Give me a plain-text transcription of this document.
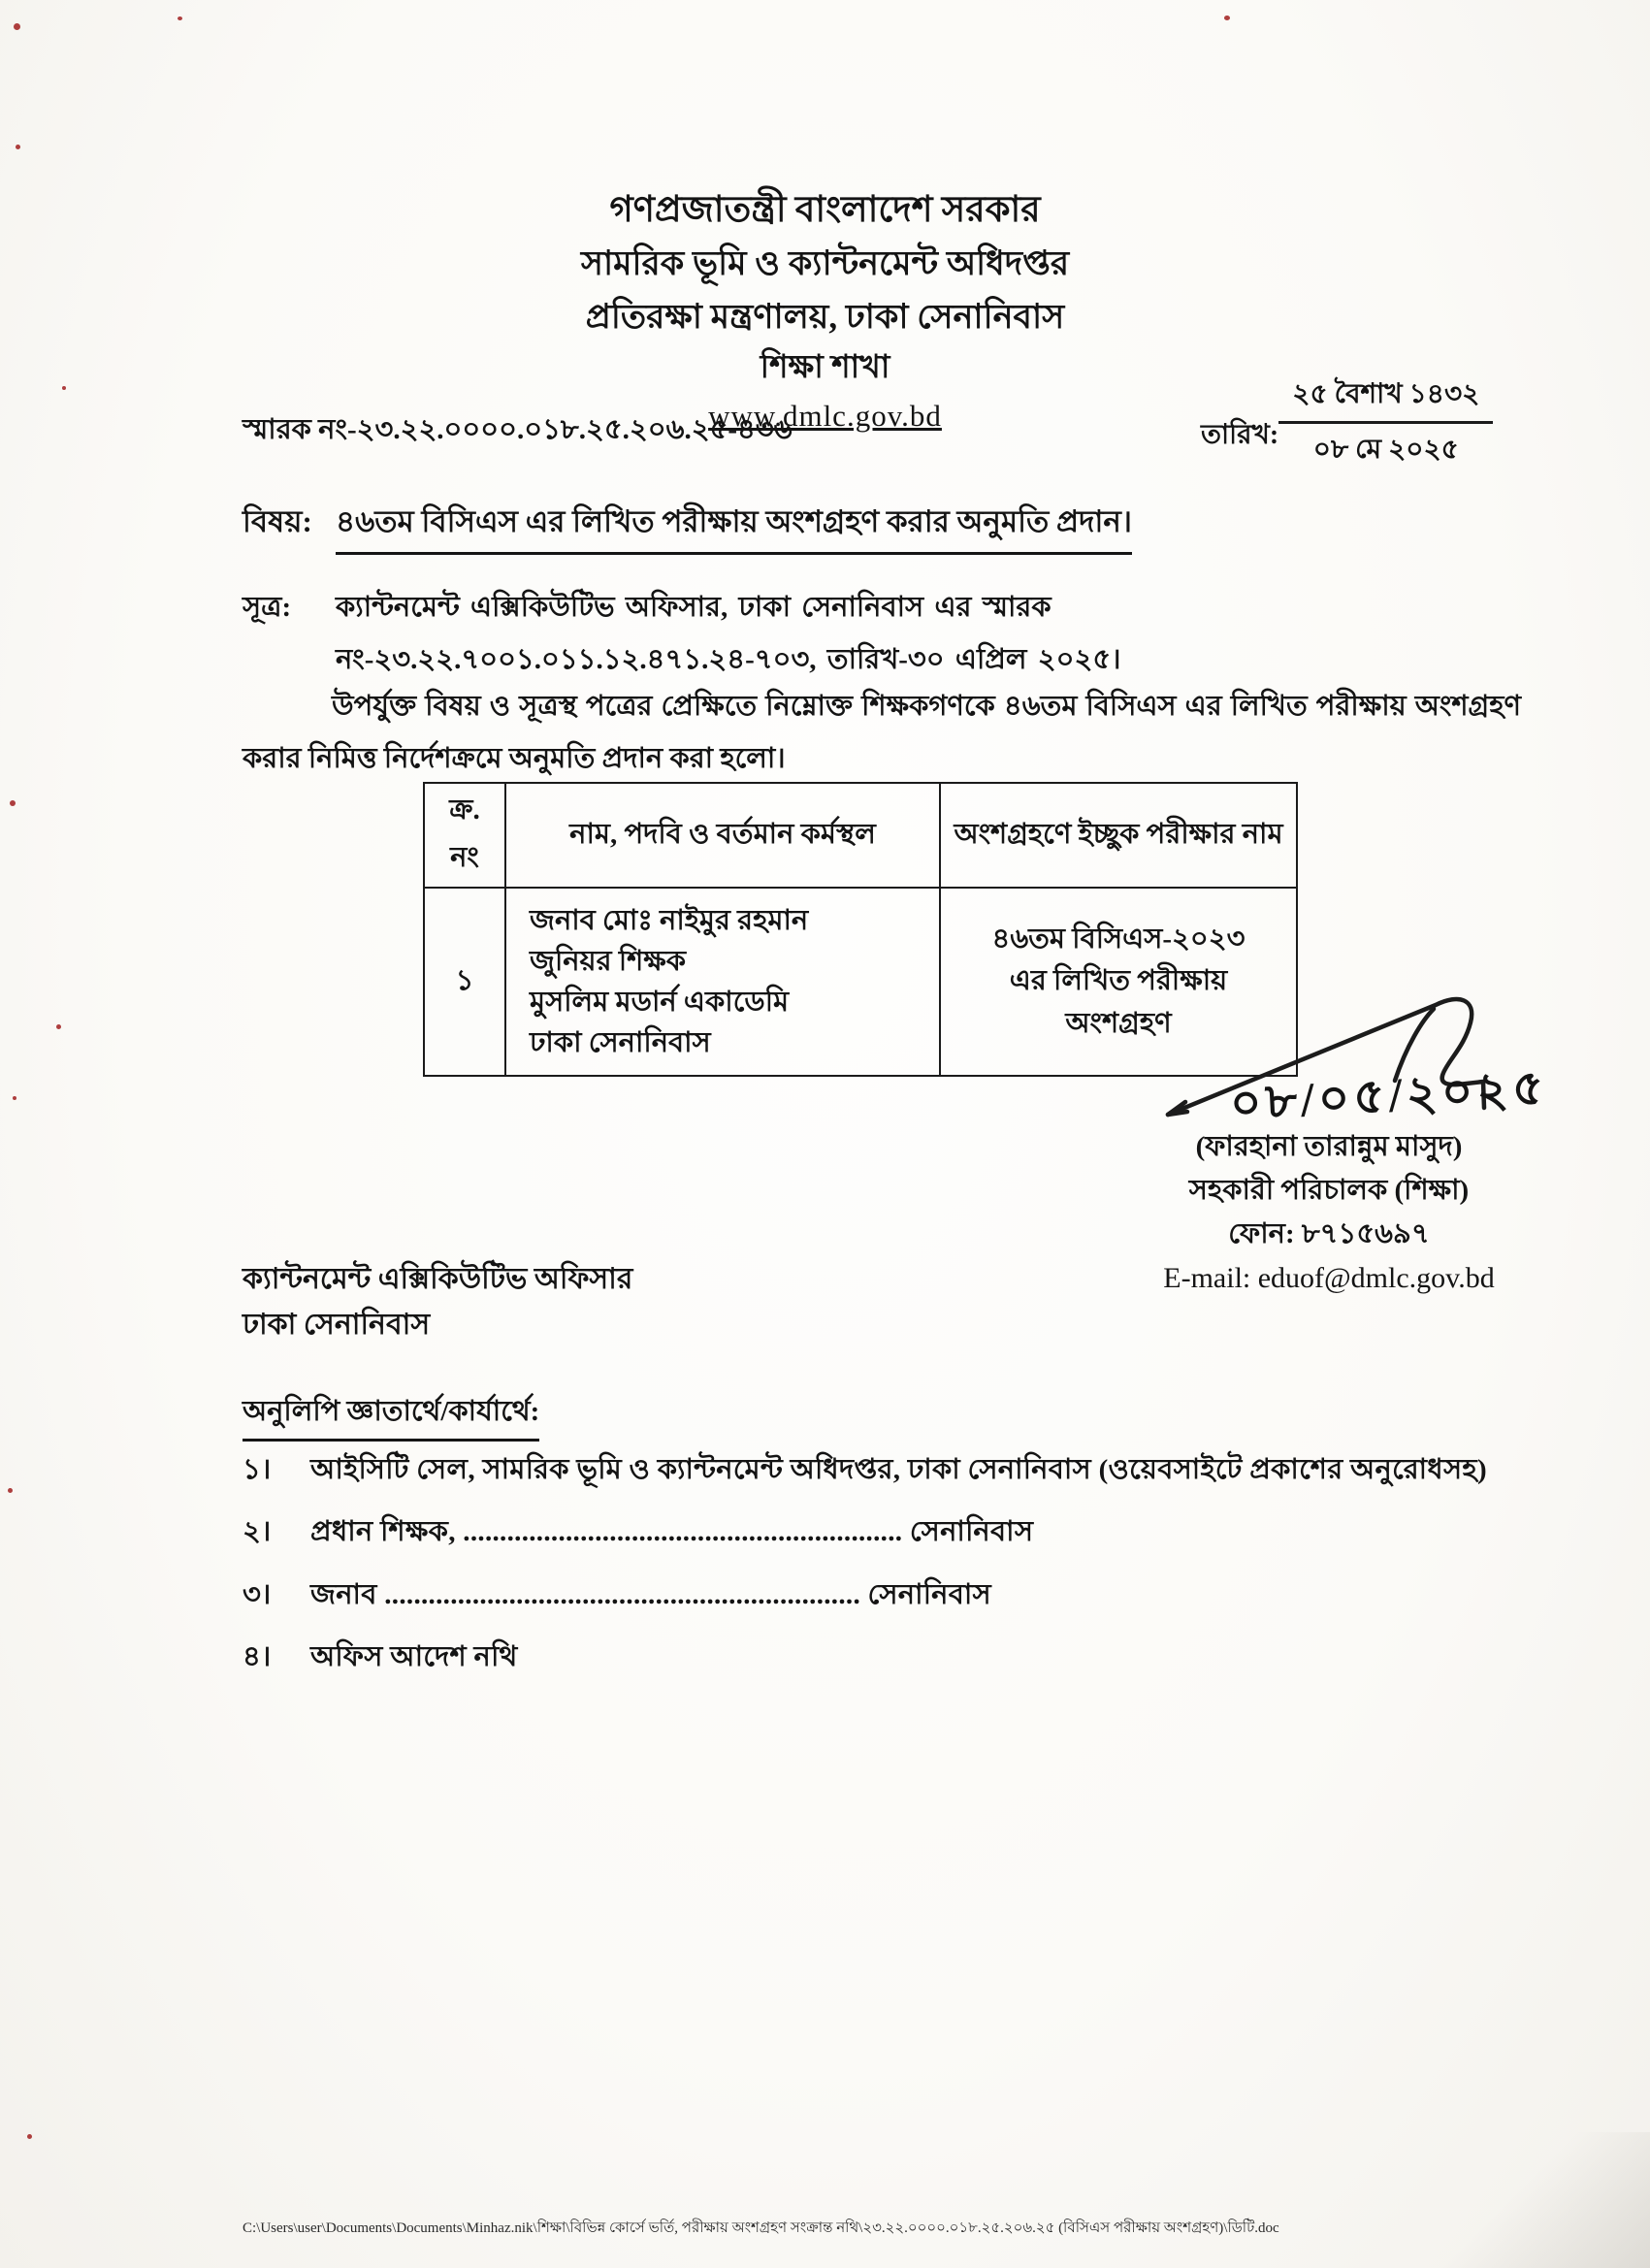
গণপ্রজাতন্ত্রী বাংলাদেশ সরকার
সামরিক ভূমি ও ক্যান্টনমেন্ট অধিদপ্তর
প্রতিরক্ষা মন্ত্রণালয়, ঢাকা সেনানিবাস
শিক্ষা শাখা
www.dmlc.gov.bd
স্মারক নং-২৩.২২.০০০০.০১৮.২৫.২০৬.২৫-৪৩৬	তারিখ: $\frac{\text{২৫ বৈশাখ ১৪৩২}}{\text{০৮ মে ২০২৫}}$
বিষয়: ৪৬তম বিসিএস এর লিখিত পরীক্ষায় অংশগ্রহণ করার অনুমতি প্রদান।
সূত্র:	ক্যান্টনমেন্ট এক্সিকিউটিভ অফিসার, ঢাকা সেনানিবাস এর স্মারক নং-২৩.২২.৭০০১.০১১.১২.৪৭১.২৪-৭০৩, তারিখ-৩০ এপ্রিল ২০২৫।
উপর্যুক্ত বিষয় ও সূত্রস্থ পত্রের প্রেক্ষিতে নিম্নোক্ত শিক্ষকগণকে ৪৬তম বিসিএস এর লিখিত পরীক্ষায় অংশগ্রহণ করার নিমিত্ত নির্দেশক্রমে অনুমতি প্রদান করা হলো।
ক্র. নং	নাম, পদবি ও বর্তমান কর্মস্থল	অংশগ্রহণে ইচ্ছুক পরীক্ষার নাম
১	জনাব মোঃ নাইমুর রহমান
জুনিয়র শিক্ষক
মুসলিম মডার্ন একাডেমি
ঢাকা সেনানিবাস	৪৬তম বিসিএস-২০২৩ এর লিখিত পরীক্ষায় অংশগ্রহণ
০৮/০৫/২০২৫
(ফারহানা তারান্নুম মাসুদ)
সহকারী পরিচালক (শিক্ষা)
ফোন: ৮৭১৫৬৯৭
E-mail: eduof@dmlc.gov.bd
ক্যান্টনমেন্ট এক্সিকিউটিভ অফিসার
ঢাকা সেনানিবাস
অনুলিপি জ্ঞাতার্থে/কার্যার্থে:
১।	আইসিটি সেল, সামরিক ভূমি ও ক্যান্টনমেন্ট অধিদপ্তর, ঢাকা সেনানিবাস (ওয়েবসাইটে প্রকাশের অনুরোধসহ)
২।	প্রধান শিক্ষক, ............................................................ সেনানিবাস
৩।	জনাব ................................................................. সেনানিবাস
৪।	অফিস আদেশ নথি
C:\Users\user\Documents\Documents\Minhaz.nik\শিক্ষা\বিভিন্ন কোর্সে ভর্তি, পরীক্ষায় অংশগ্রহণ সংক্রান্ত নথি\২৩.২২.০০০০.০১৮.২৫.২০৬.২৫ (বিসিএস পরীক্ষায় অংশগ্রহণ)\ডিটি.doc
